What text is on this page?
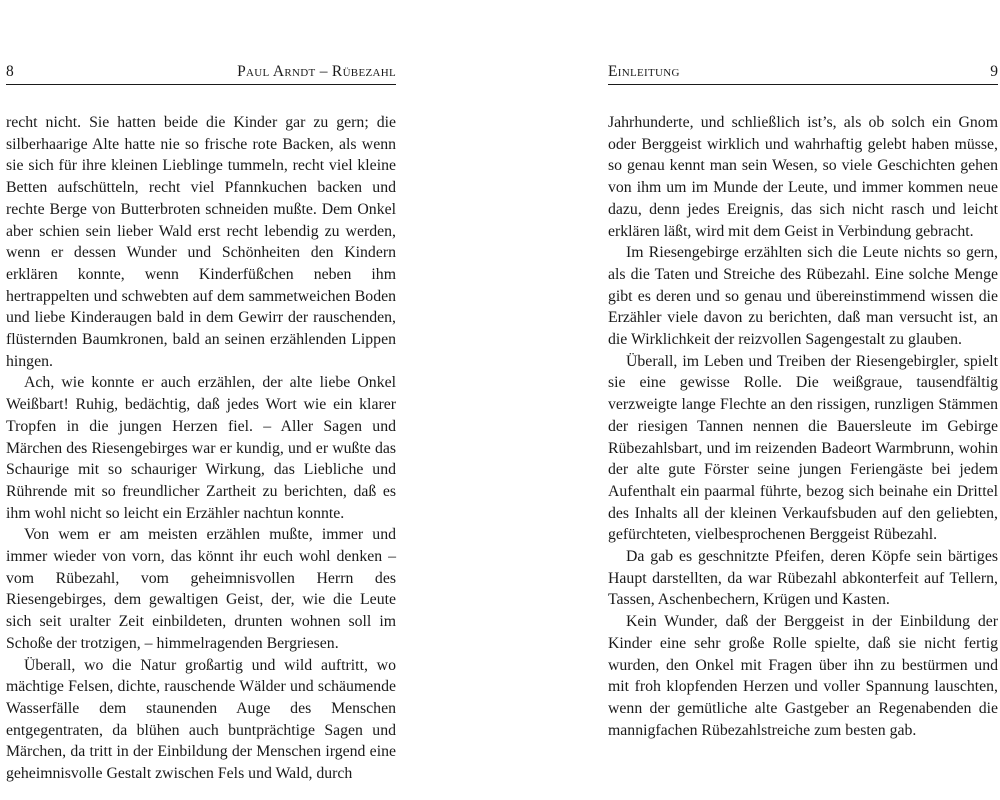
8	Paul Arndt – Rübezahl

recht nicht. Sie hatten beide die Kinder gar zu gern; die silberhaarige Alte hatte nie so frische rote Backen, als wenn sie sich für ihre kleinen Lieblinge tummeln, recht viel kleine Betten aufschütteln, recht viel Pfannkuchen backen und rechte Berge von Butterbroten schneiden mußte. Dem Onkel aber schien sein lieber Wald erst recht lebendig zu werden, wenn er dessen Wunder und Schönheiten den Kindern erklären konnte, wenn Kinderfüßchen neben ihm hertrappelten und schwebten auf dem sammetweichen Boden und liebe Kinderaugen bald in dem Gewirr der rauschenden, flüsternden Baumkronen, bald an seinen erzählenden Lippen hingen.

Ach, wie konnte er auch erzählen, der alte liebe Onkel Weißbart! Ruhig, bedächtig, daß jedes Wort wie ein klarer Tropfen in die jungen Herzen fiel. – Aller Sagen und Märchen des Riesengebirges war er kundig, und er wußte das Schaurige mit so schauriger Wirkung, das Liebliche und Rührende mit so freundlicher Zartheit zu berichten, daß es ihm wohl nicht so leicht ein Erzähler nachtun konnte.

Von wem er am meisten erzählen mußte, immer und immer wieder von vorn, das könnt ihr euch wohl denken – vom Rübezahl, vom geheimnisvollen Herrn des Riesengebirges, dem gewaltigen Geist, der, wie die Leute sich seit uralter Zeit einbildeten, drunten wohnen soll im Schoße der trotzigen, – himmelragenden Bergriesen.

Überall, wo die Natur großartig und wild auftritt, wo mächtige Felsen, dichte, rauschende Wälder und schäumende Wasserfälle dem staunenden Auge des Menschen entgegentraten, da blühen auch buntprächtige Sagen und Märchen, da tritt in der Einbildung der Menschen irgend eine geheimnisvolle Gestalt zwischen Fels und Wald, durch

Einleitung	9

Jahrhunderte, und schließlich ist’s, als ob solch ein Gnom oder Berggeist wirklich und wahrhaftig gelebt haben müsse, so genau kennt man sein Wesen, so viele Geschichten gehen von ihm um im Munde der Leute, und immer kommen neue dazu, denn jedes Ereignis, das sich nicht rasch und leicht erklären läßt, wird mit dem Geist in Verbindung gebracht.

Im Riesengebirge erzählten sich die Leute nichts so gern, als die Taten und Streiche des Rübezahl. Eine solche Menge gibt es deren und so genau und übereinstimmend wissen die Erzähler viele davon zu berichten, daß man versucht ist, an die Wirklichkeit der reizvollen Sagengestalt zu glauben.

Überall, im Leben und Treiben der Riesengebirgler, spielt sie eine gewisse Rolle. Die weißgraue, tausendfältig verzweigte lange Flechte an den rissigen, runzligen Stämmen der riesigen Tannen nennen die Bauersleute im Gebirge Rübezahlsbart, und im reizenden Badeort Warmbrunn, wohin der alte gute Förster seine jungen Feriengäste bei jedem Aufenthalt ein paarmal führte, bezog sich beinahe ein Drittel des Inhalts all der kleinen Verkaufsbuden auf den geliebten, gefürchteten, vielbesprochenen Berggeist Rübezahl.

Da gab es geschnitzte Pfeifen, deren Köpfe sein bärtiges Haupt darstellten, da war Rübezahl abkonterfeit auf Tellern, Tassen, Aschenbechern, Krügen und Kasten.

Kein Wunder, daß der Berggeist in der Einbildung der Kinder eine sehr große Rolle spielte, daß sie nicht fertig wurden, den Onkel mit Fragen über ihn zu bestürmen und mit froh klopfenden Herzen und voller Spannung lauschten, wenn der gemütliche alte Gastgeber an Regenabenden die mannigfachen Rübezahlstreiche zum besten gab.
